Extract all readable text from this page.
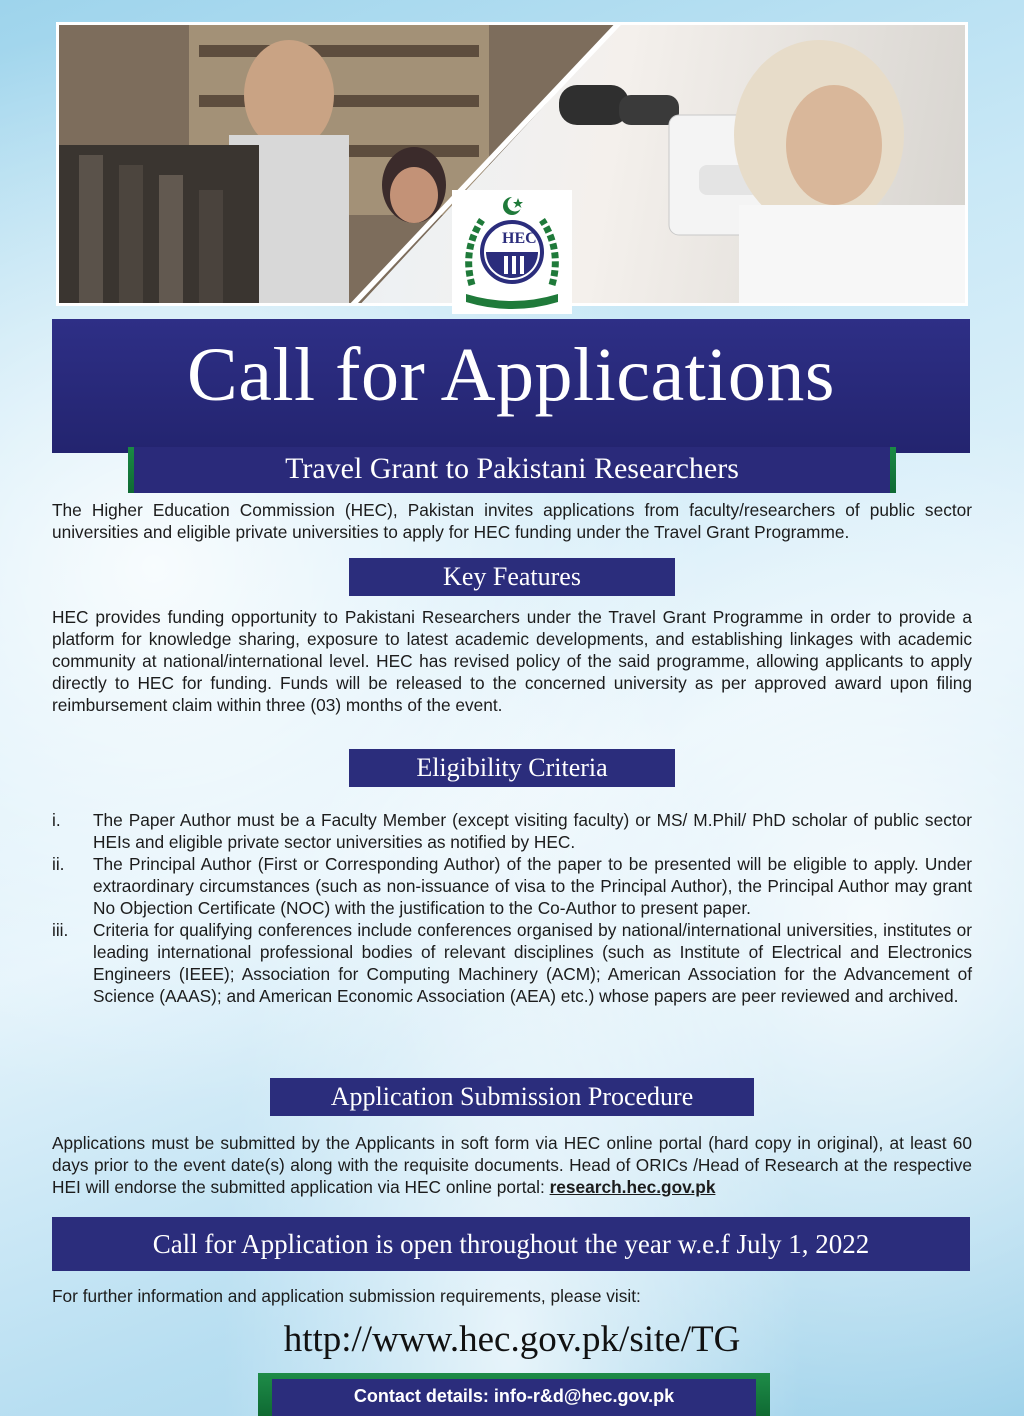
HEC
Call for Applications
Travel Grant to Pakistani Researchers
The Higher Education Commission (HEC), Pakistan invites applications from faculty/researchers of public sector universities and eligible private universities to apply for HEC funding under the Travel Grant Programme.
Key Features
HEC provides funding opportunity to Pakistani Researchers under the Travel Grant Programme in order to provide a platform for knowledge sharing, exposure to latest academic developments, and establishing linkages with academic community at national/international level. HEC has revised policy of the said programme, allowing applicants to apply directly to HEC for funding. Funds will be released to the concerned university as per approved award upon filing reimbursement claim within three (03) months of the event.
Eligibility Criteria
i.	The Paper Author must be a Faculty Member (except visiting faculty) or MS/ M.Phil/ PhD scholar of public sector HEIs and eligible private sector universities as notified by HEC.
ii.	The Principal Author (First or Corresponding Author) of the paper to be presented will be eligible to apply. Under extraordinary circumstances (such as non-issuance of visa to the Principal Author), the Principal Author may grant No Objection Certificate (NOC) with the justification to the Co-Author to present paper.
iii.	Criteria for qualifying conferences include conferences organised by national/international universities, institutes or leading international professional bodies of relevant disciplines (such as Institute of Electrical and Electronics Engineers (IEEE); Association for Computing Machinery (ACM); American Association for the Advancement of Science (AAAS); and American Economic Association (AEA) etc.) whose papers are peer reviewed and archived.
Application Submission Procedure
Applications must be submitted by the Applicants in soft form via HEC online portal (hard copy in original), at least 60 days prior to the event date(s) along with the requisite documents. Head of ORICs /Head of Research at the respective HEI will endorse the submitted application via HEC online portal: research.hec.gov.pk
Call for Application is open throughout the year w.e.f July 1, 2022
For further information and application submission requirements, please visit:
http://www.hec.gov.pk/site/TG
Contact details: info-r&d@hec.gov.pk
